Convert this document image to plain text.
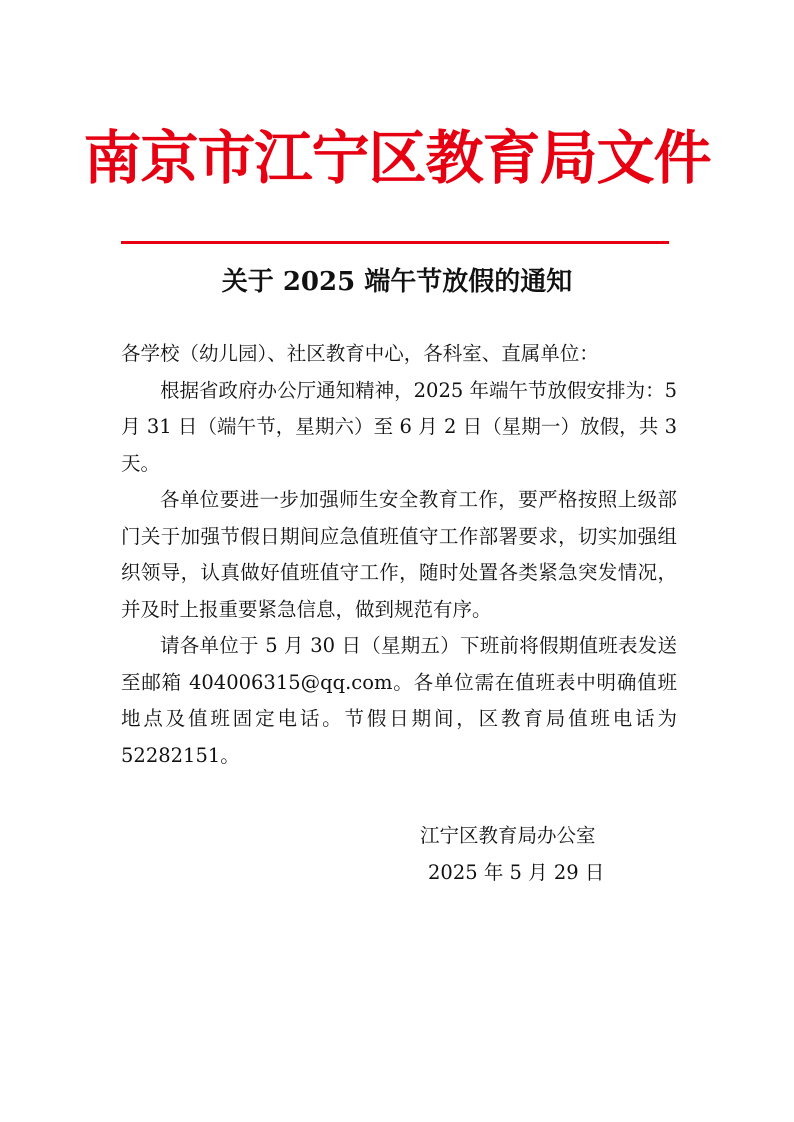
南京市江宁区教育局文件
关于 2025 端午节放假的通知

各学校（幼儿园）、社区教育中心，各科室、直属单位：

根据省政府办公厅通知精神，2025 年端午节放假安排为：5 月 31 日（端午节，星期六）至 6 月 2 日（星期一）放假，共 3 天。

各单位要进一步加强师生安全教育工作，要严格按照上级部门关于加强节假日期间应急值班值守工作部署要求，切实加强组织领导，认真做好值班值守工作，随时处置各类紧急突发情况，并及时上报重要紧急信息，做到规范有序。

请各单位于 5 月 30 日（星期五）下班前将假期值班表发送至邮箱 404006315@qq.com。各单位需在值班表中明确值班地点及值班固定电话。节假日期间，区教育局值班电话为 52282151。

江宁区教育局办公室
2025 年 5 月 29 日
